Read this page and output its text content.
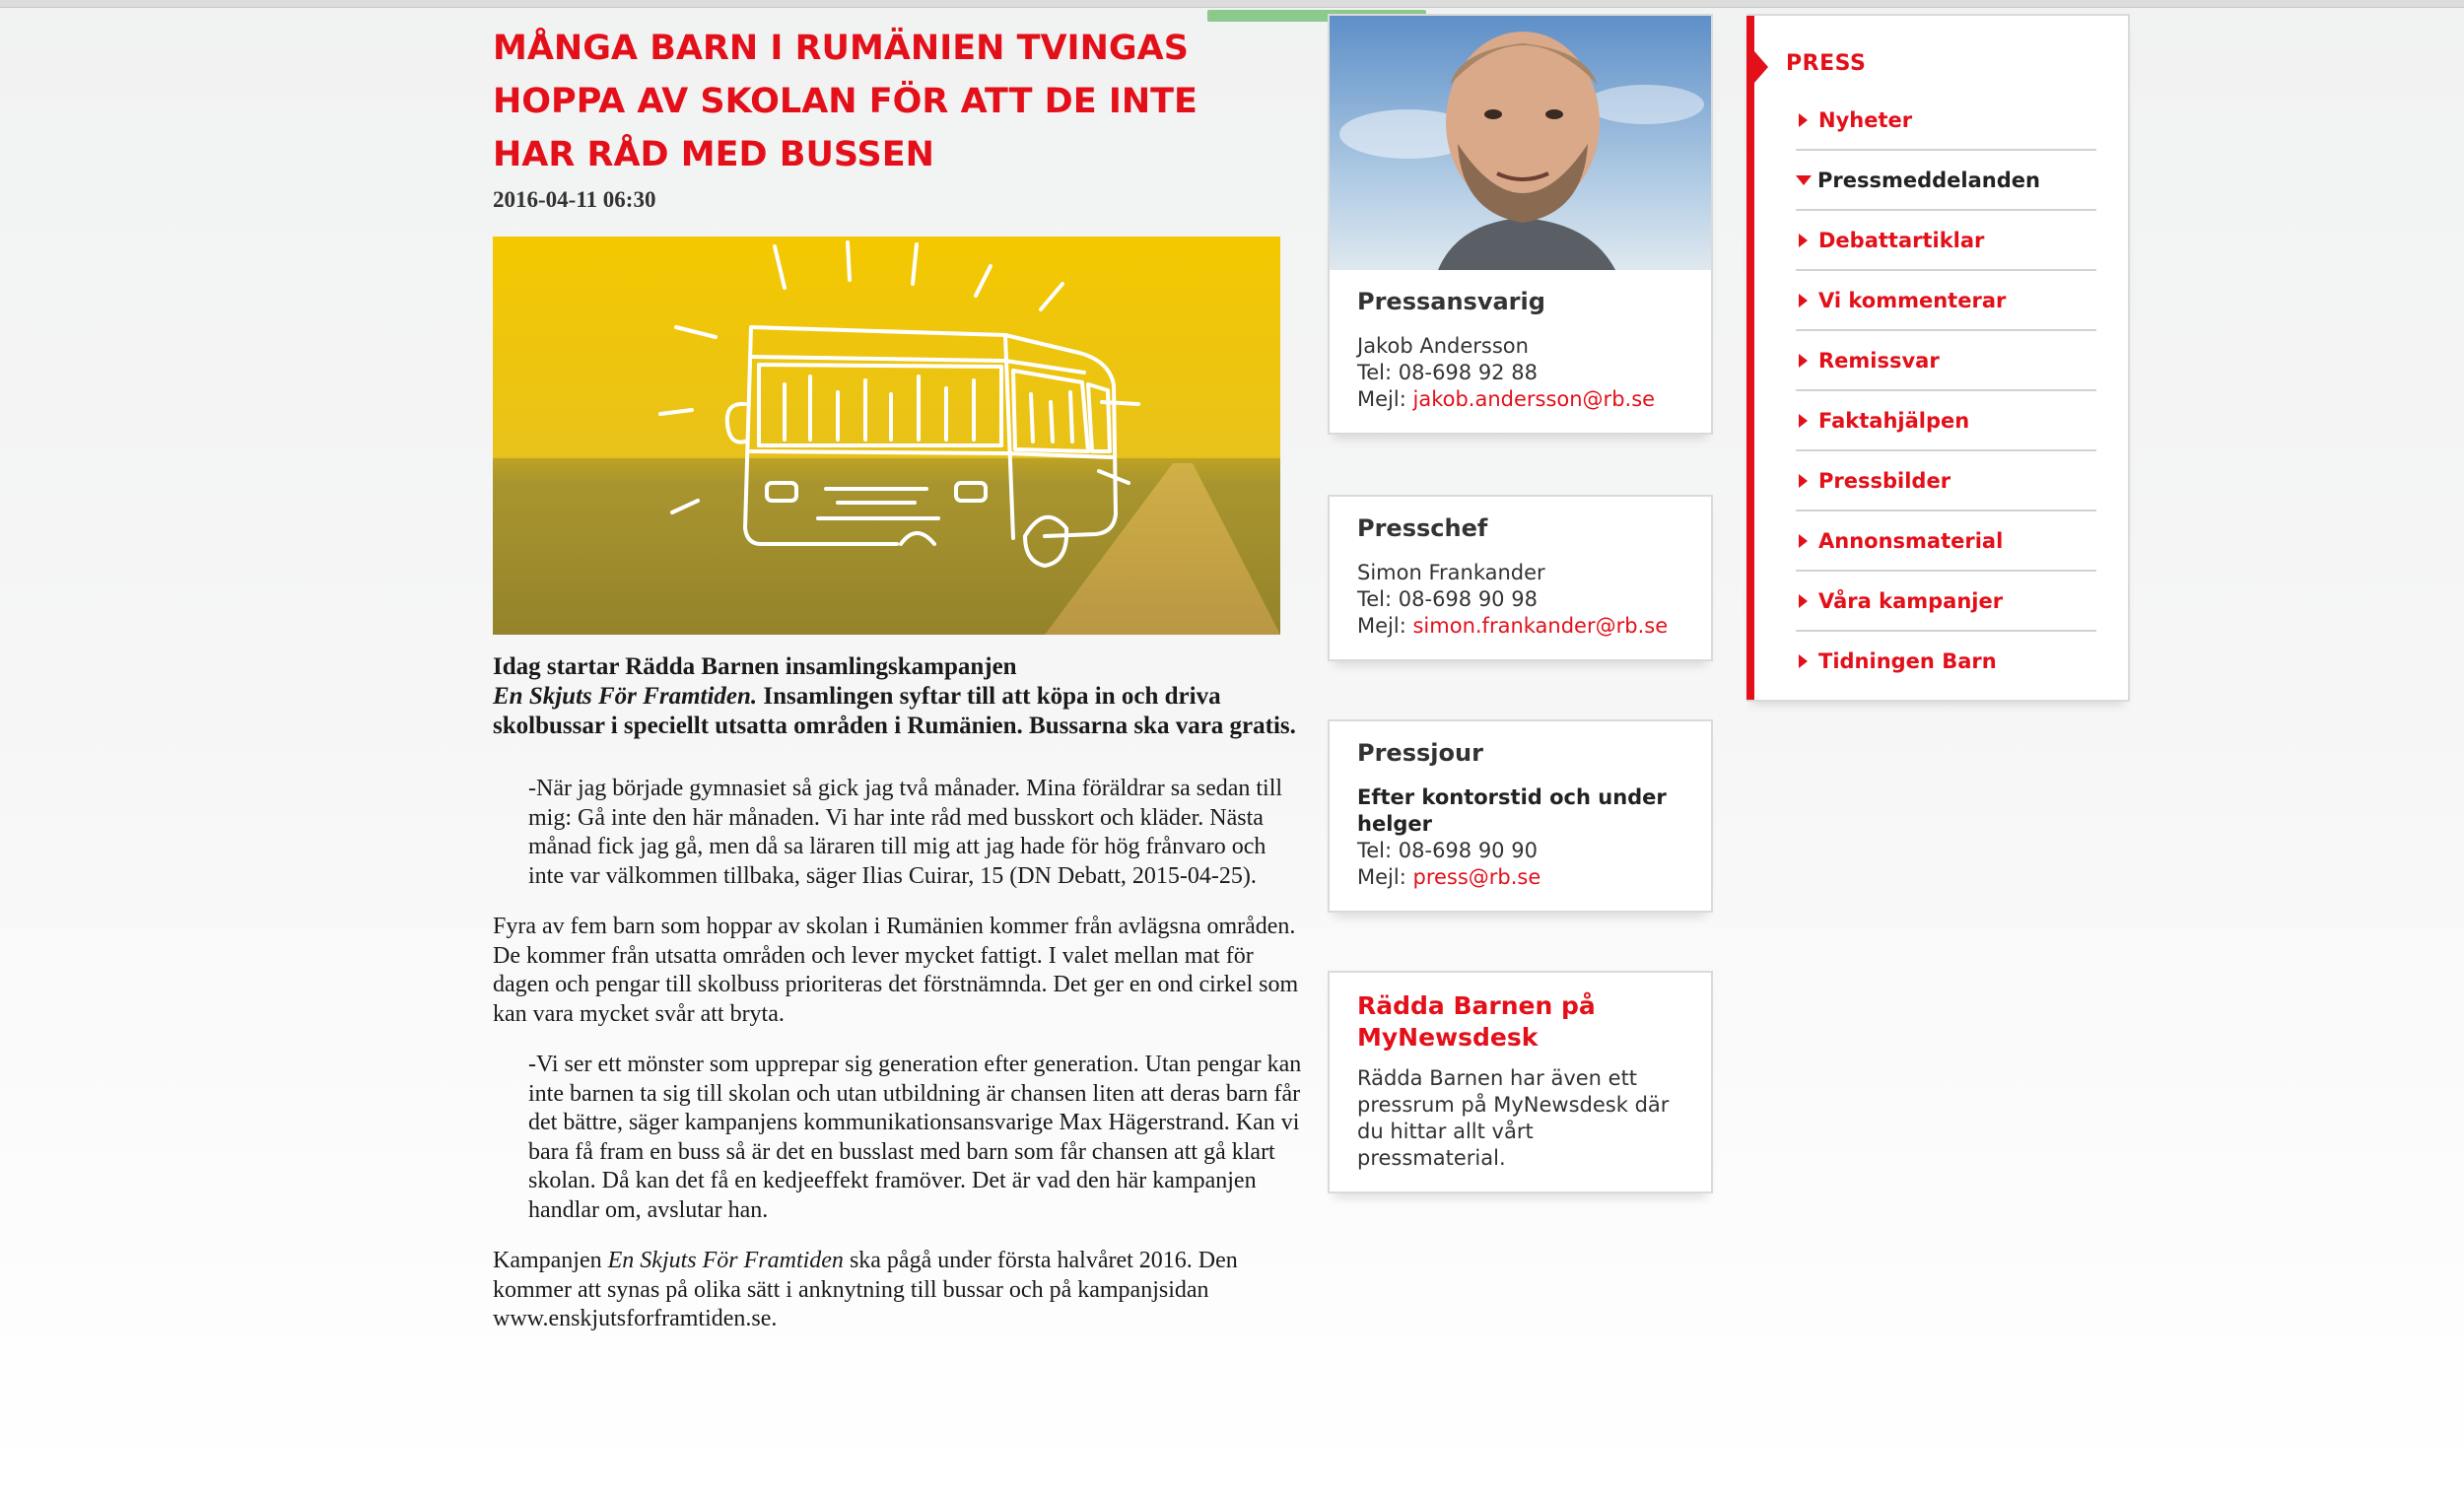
MÅNGA BARN I RUMÄNIEN TVINGAS HOPPA AV SKOLAN FÖR ATT DE INTE HAR RÅD MED BUSSEN
2016-04-11 06:30
Idag startar Rädda Barnen insamlingskampanjen
En Skjuts För Framtiden. Insamlingen syftar till att köpa in och driva skolbussar i speciellt utsatta områden i Rumänien. Bussarna ska vara gratis.
-När jag började gymnasiet så gick jag två månader. Mina föräldrar sa sedan till mig: Gå inte den här månaden. Vi har inte råd med busskort och kläder. Nästa månad fick jag gå, men då sa läraren till mig att jag hade för hög frånvaro och inte var välkommen tillbaka, säger Ilias Cuirar, 15 (DN Debatt, 2015-04-25).
Fyra av fem barn som hoppar av skolan i Rumänien kommer från avlägsna områden. De kommer från utsatta områden och lever mycket fattigt. I valet mellan mat för dagen och pengar till skolbuss prioriteras det förstnämnda. Det ger en ond cirkel som kan vara mycket svår att bryta.
-Vi ser ett mönster som upprepar sig generation efter generation. Utan pengar kan inte barnen ta sig till skolan och utan utbildning är chansen liten att deras barn får det bättre, säger kampanjens kommunikationsansvarige Max Hägerstrand. Kan vi bara få fram en buss så är det en busslast med barn som får chansen att gå klart skolan. Då kan det få en kedjeeffekt framöver. Det är vad den här kampanjen handlar om, avslutar han.
Kampanjen En Skjuts För Framtiden ska pågå under första halvåret 2016. Den kommer att synas på olika sätt i anknytning till bussar och på kampanjsidan www.enskjutsforframtiden.se.
Pressansvarig
Jakob Andersson
Tel: 08-698 92 88
Mejl: jakob.andersson@rb.se
Presschef
Simon Frankander
Tel: 08-698 90 98
Mejl: simon.frankander@rb.se
Pressjour
Efter kontorstid och under helger
Tel: 08-698 90 90
Mejl: press@rb.se
Rädda Barnen på MyNewsdesk
Rädda Barnen har även ett pressrum på MyNewsdesk där du hittar allt vårt pressmaterial.
PRESS
Nyheter
Pressmeddelanden
Debattartiklar
Vi kommenterar
Remissvar
Faktahjälpen
Pressbilder
Annonsmaterial
Våra kampanjer
Tidningen Barn
